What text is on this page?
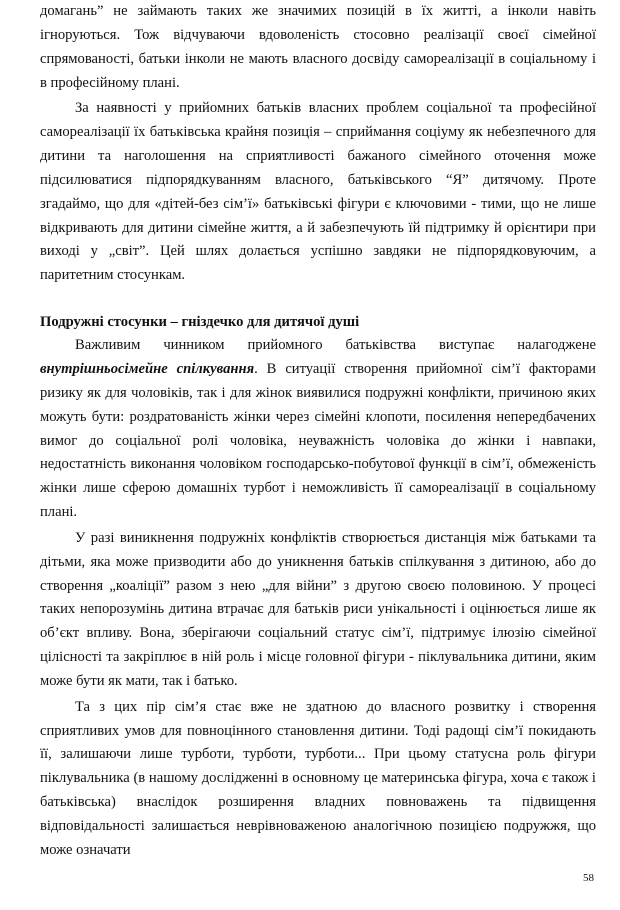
домагань” не займають таких же значимих позицій в їх житті, а інколи навіть ігноруються. Тож відчуваючи вдоволеність стосовно реалізації своєї сімейної спрямованості, батьки інколи не мають власного досвіду самореалізації в соціальному і в професійному плані.

За наявності у прийомних батьків власних проблем соціальної та професійної самореалізації їх батьківська крайня позиція – сприймання соціуму як небезпечного для дитини та наголошення на сприятливості бажаного сімейного оточення може підсилюватися підпорядкуванням власного, батьківського “Я” дитячому. Проте згадаймо, що для «дітей-без сім’ї» батьківські фігури є ключовими - тими, що не лише відкривають для дитини сімейне життя, а й забезпечують їй підтримку й орієнтири при виході у „світ”. Цей шлях долається успішно завдяки не підпорядковуючим, а паритетним стосункам.

Подружні стосунки – гніздечко для дитячої душі

Важливим чинником прийомного батьківства виступає налагоджене внутрішньосімейне спілкування. В ситуації створення прийомної сім’ї факторами ризику як для чоловіків, так і для жінок виявилися подружні конфлікти, причиною яких можуть бути: роздратованість жінки через сімейні клопоти, посилення непередбачених вимог до соціальної ролі чоловіка, неуважність чоловіка до жінки і навпаки, недостатність виконання чоловіком господарсько-побутової функції в сім’ї, обмеженість жінки лише сферою домашніх турбот і неможливість її самореалізації в соціальному плані.

У разі виникнення подружніх конфліктів створюється дистанція між батьками та дітьми, яка може призводити або до уникнення батьків спілкування з дитиною, або до створення „коаліції” разом з нею „для війни” з другою своєю половиною. У процесі таких непорозумінь дитина втрачає для батьків риси унікальності і оцінюється лише як об’єкт впливу. Вона, зберігаючи соціальний статус сім’ї, підтримує ілюзію сімейної цілісності та закріплює в ній роль і місце головної фігури - піклувальника дитини, яким може бути як мати, так і батько.

Та з цих пір сім’я стає вже не здатною до власного розвитку і створення сприятливих умов для повноцінного становлення дитини. Тоді радощі сім’ї покидають її, залишаючи лише турботи, турботи, турботи... При цьому статусна роль фігури піклувальника (в нашому дослідженні в основному це материнська фігура, хоча є також і батьківська) внаслідок розширення владних повноважень та підвищення відповідальності залишається неврівноваженою аналогічною позицією подружжя, що може означати

58
